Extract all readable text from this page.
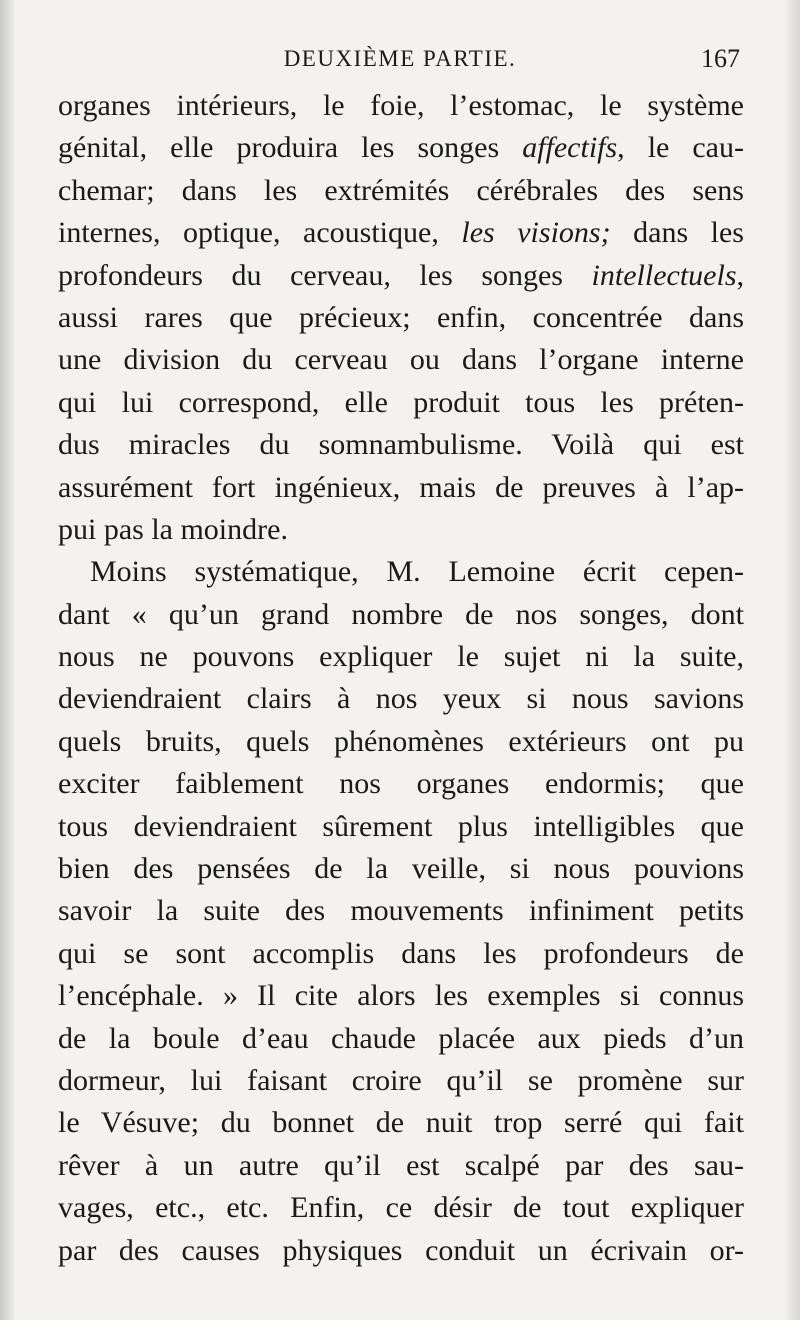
DEUXIÈME PARTIE.	167
organes intérieurs, le foie, l’estomac, le système
génital, elle produira les songes affectifs, le cau-
chemar; dans les extrémités cérébrales des sens
internes, optique, acoustique, les visions; dans les
profondeurs du cerveau, les songes intellectuels,
aussi rares que précieux; enfin, concentrée dans
une division du cerveau ou dans l’organe interne
qui lui correspond, elle produit tous les préten-
dus miracles du somnambulisme. Voilà qui est
assurément fort ingénieux, mais de preuves à l’ap-
pui pas la moindre.
Moins systématique, M. Lemoine écrit cepen-
dant « qu’un grand nombre de nos songes, dont
nous ne pouvons expliquer le sujet ni la suite,
deviendraient clairs à nos yeux si nous savions
quels bruits, quels phénomènes extérieurs ont pu
exciter faiblement nos organes endormis; que
tous deviendraient sûrement plus intelligibles que
bien des pensées de la veille, si nous pouvions
savoir la suite des mouvements infiniment petits
qui se sont accomplis dans les profondeurs de
l’encéphale. » Il cite alors les exemples si connus
de la boule d’eau chaude placée aux pieds d’un
dormeur, lui faisant croire qu’il se promène sur
le Vésuve; du bonnet de nuit trop serré qui fait
rêver à un autre qu’il est scalpé par des sau-
vages, etc., etc. Enfin, ce désir de tout expliquer
par des causes physiques conduit un écrivain or-
